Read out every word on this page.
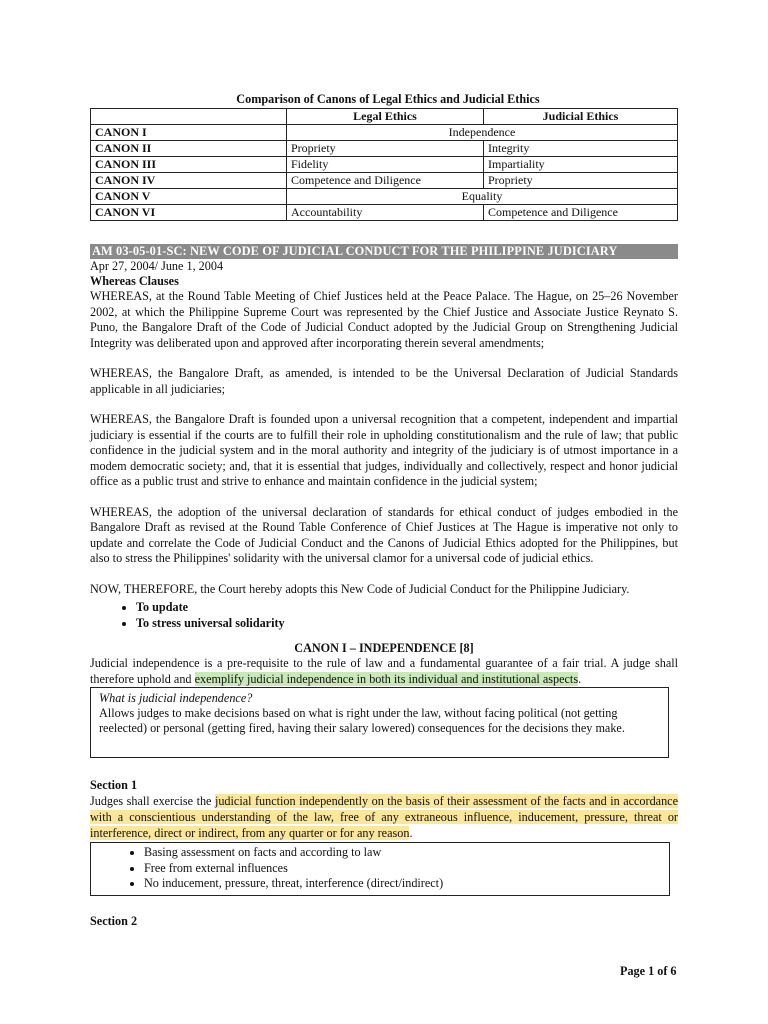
Comparison of Canons of Legal Ethics and Judicial Ethics
	Legal Ethics	Judicial Ethics
CANON I	Independence	
CANON II	Propriety	Integrity
CANON III	Fidelity	Impartiality
CANON IV	Competence and Diligence	Propriety
CANON V	Equality	
CANON VI	Accountability	Competence and Diligence
AM 03-05-01-SC: NEW CODE OF JUDICIAL CONDUCT FOR THE PHILIPPINE JUDICIARY
Apr 27, 2004/ June 1, 2004
Whereas Clauses

WHEREAS, at the Round Table Meeting of Chief Justices held at the Peace Palace. The Hague, on 25–26 November 2002, at which the Philippine Supreme Court was represented by the Chief Justice and Associate Justice Reynato S. Puno, the Bangalore Draft of the Code of Judicial Conduct adopted by the Judicial Group on Strengthening Judicial Integrity was deliberated upon and approved after incorporating therein several amendments;

WHEREAS, the Bangalore Draft, as amended, is intended to be the Universal Declaration of Judicial Standards applicable in all judiciaries;

WHEREAS, the Bangalore Draft is founded upon a universal recognition that a competent, independent and impartial judiciary is essential if the courts are to fulfill their role in upholding constitutionalism and the rule of law; that public confidence in the judicial system and in the moral authority and integrity of the judiciary is of utmost importance in a modem democratic society; and, that it is essential that judges, individually and collectively, respect and honor judicial office as a public trust and strive to enhance and maintain confidence in the judicial system;

WHEREAS, the adoption of the universal declaration of standards for ethical conduct of judges embodied in the Bangalore Draft as revised at the Round Table Conference of Chief Justices at The Hague is imperative not only to update and correlate the Code of Judicial Conduct and the Canons of Judicial Ethics adopted for the Philippines, but also to stress the Philippines' solidarity with the universal clamor for a universal code of judicial ethics.

NOW, THEREFORE, the Court hereby adopts this New Code of Judicial Conduct for the Philippine Judiciary.

• To update
• To stress universal solidarity
CANON I – INDEPENDENCE [8]

Judicial independence is a pre-requisite to the rule of law and a fundamental guarantee of a fair trial. A judge shall therefore uphold and exemplify judicial independence in both its individual and institutional aspects.

What is judicial independence?
Allows judges to make decisions based on what is right under the law, without facing political (not getting reelected) or personal (getting fired, having their salary lowered) consequences for the decisions they make.
Section 1

Judges shall exercise the judicial function independently on the basis of their assessment of the facts and in accordance with a conscientious understanding of the law, free of any extraneous influence, inducement, pressure, threat or interference, direct or indirect, from any quarter or for any reason.

• Basing assessment on facts and according to law
• Free from external influences
• No inducement, pressure, threat, interference (direct/indirect)
Section 2
Page 1 of 6
